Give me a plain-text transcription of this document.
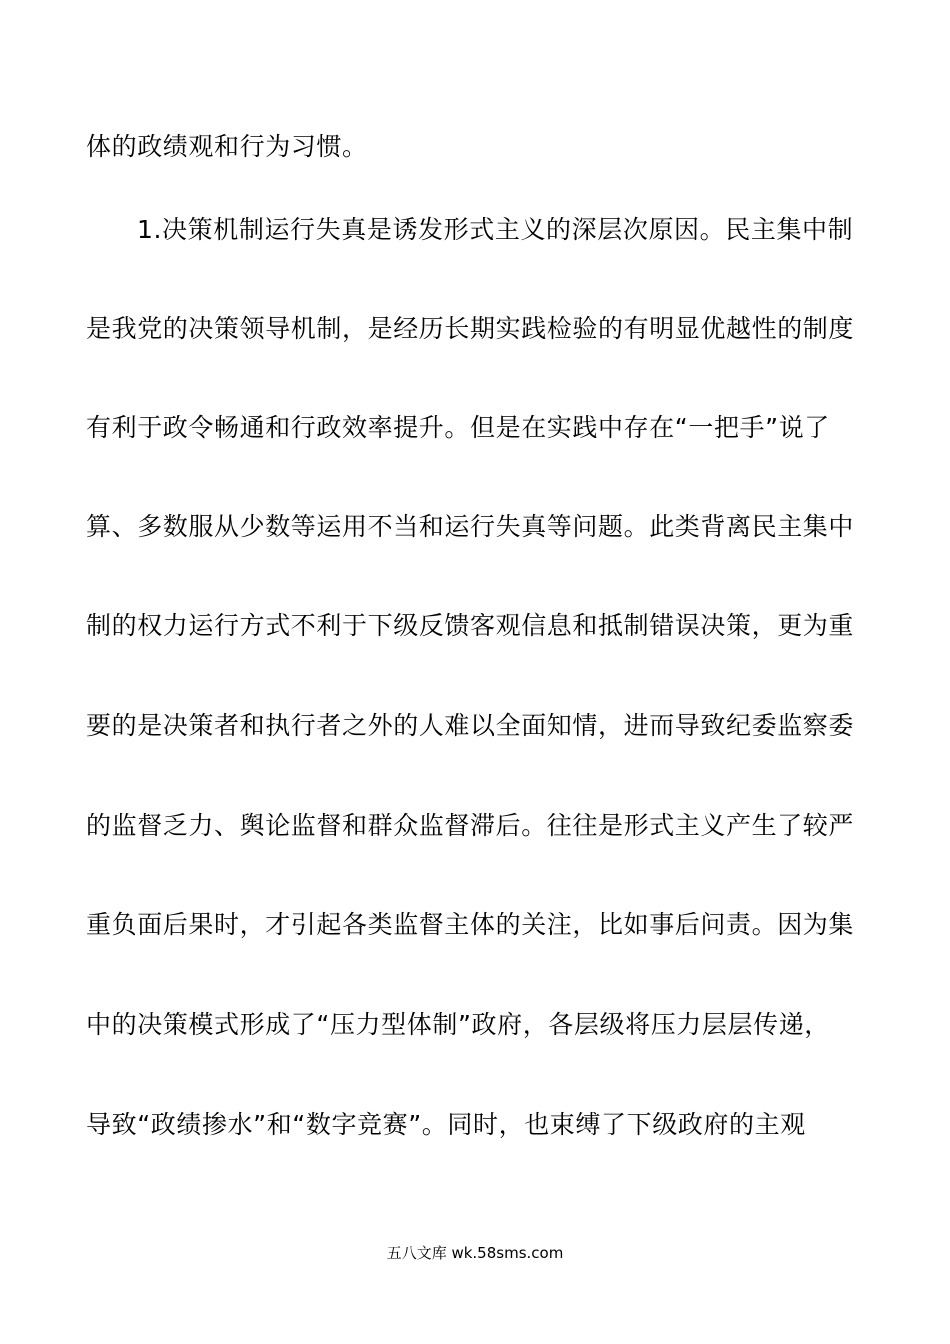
体的政绩观和行为习惯。
1.决策机制运行失真是诱发形式主义的深层次原因。民主集中制
是我党的决策领导机制，是经历长期实践检验的有明显优越性的制度
有利于政令畅通和行政效率提升。但是在实践中存在“一把手”说了
算、多数服从少数等运用不当和运行失真等问题。此类背离民主集中
制的权力运行方式不利于下级反馈客观信息和抵制错误决策，更为重
要的是决策者和执行者之外的人难以全面知情，进而导致纪委监察委
的监督乏力、舆论监督和群众监督滞后。往往是形式主义产生了较严
重负面后果时，才引起各类监督主体的关注，比如事后问责。因为集
中的决策模式形成了“压力型体制”政府，各层级将压力层层传递，
导致“政绩掺水”和“数字竞赛”。同时，也束缚了下级政府的主观
五八文库 wk.58sms.com
